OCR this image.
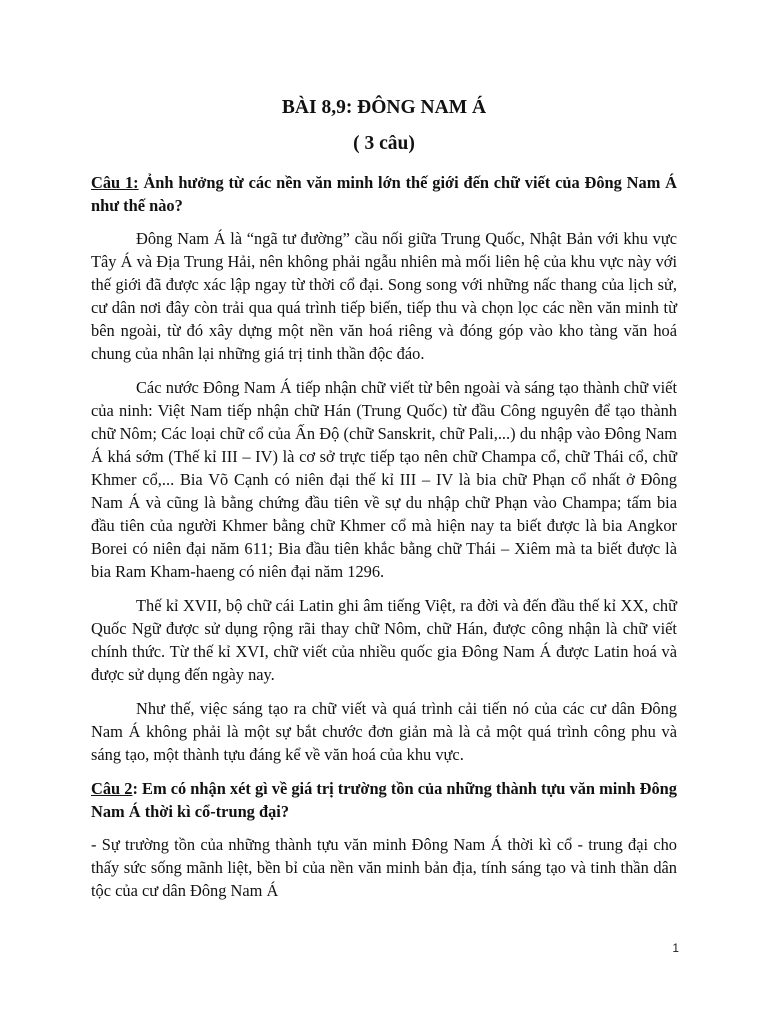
BÀI 8,9: ĐÔNG NAM Á

( 3 câu)

Câu 1: Ảnh hưởng từ các nền văn minh lớn thế giới đến chữ viết của Đông Nam Á như thế nào?

Đông Nam Á là “ngã tư đường” cầu nối giữa Trung Quốc, Nhật Bản với khu vực Tây Á và Địa Trung Hải, nên không phải ngẫu nhiên mà mối liên hệ của khu vực này với thế giới đã được xác lập ngay từ thời cổ đại. Song song với những nấc thang của lịch sử, cư dân nơi đây còn trải qua quá trình tiếp biến, tiếp thu và chọn lọc các nền văn minh từ bên ngoài, từ đó xây dựng một nền văn hoá riêng và đóng góp vào kho tàng văn hoá chung của nhân lại những giá trị tinh thần độc đáo.

Các nước Đông Nam Á tiếp nhận chữ viết từ bên ngoài và sáng tạo thành chữ viết của ninh: Việt Nam tiếp nhận chữ Hán (Trung Quốc) từ đầu Công nguyên để tạo thành chữ Nôm; Các loại chữ cổ của Ấn Độ (chữ Sanskrit, chữ Pali,...) du nhập vào Đông Nam Á khá sớm (Thế kỉ III – IV) là cơ sở trực tiếp tạo nên chữ Champa cổ, chữ Thái cổ, chữ Khmer cổ,... Bia Võ Cạnh có niên đại thế kỉ III – IV là bia chữ Phạn cổ nhất ở Đông Nam Á và cũng là bằng chứng đầu tiên về sự du nhập chữ Phạn vào Champa; tấm bia đầu tiên của người Khmer bằng chữ Khmer cổ mà hiện nay ta biết được là bia Angkor Borei có niên đại năm 611; Bia đầu tiên khắc bằng chữ Thái – Xiêm mà ta biết được là bia Ram Kham-haeng có niên đại năm 1296.

Thế kỉ XVII, bộ chữ cái Latin ghi âm tiếng Việt, ra đời và đến đầu thế kỉ XX, chữ Quốc Ngữ được sử dụng rộng rãi thay chữ Nôm, chữ Hán, được công nhận là chữ viết chính thức. Từ thế kỉ XVI, chữ viết của nhiều quốc gia Đông Nam Á được Latin hoá và được sử dụng đến ngày nay.

Như thế, việc sáng tạo ra chữ viết và quá trình cải tiến nó của các cư dân Đông Nam Á không phải là một sự bắt chước đơn giản mà là cả một quá trình công phu và sáng tạo, một thành tựu đáng kể về văn hoá của khu vực.

Câu 2: Em có nhận xét gì về giá trị trường tồn của những thành tựu văn minh Đông Nam Á thời kì cổ-trung đại?

- Sự trường tồn của những thành tựu văn minh Đông Nam Á thời kì cổ - trung đại cho thấy sức sống mãnh liệt, bền bỉ của nền văn minh bản địa, tính sáng tạo và tinh thần dân tộc của cư dân Đông Nam Á

1
